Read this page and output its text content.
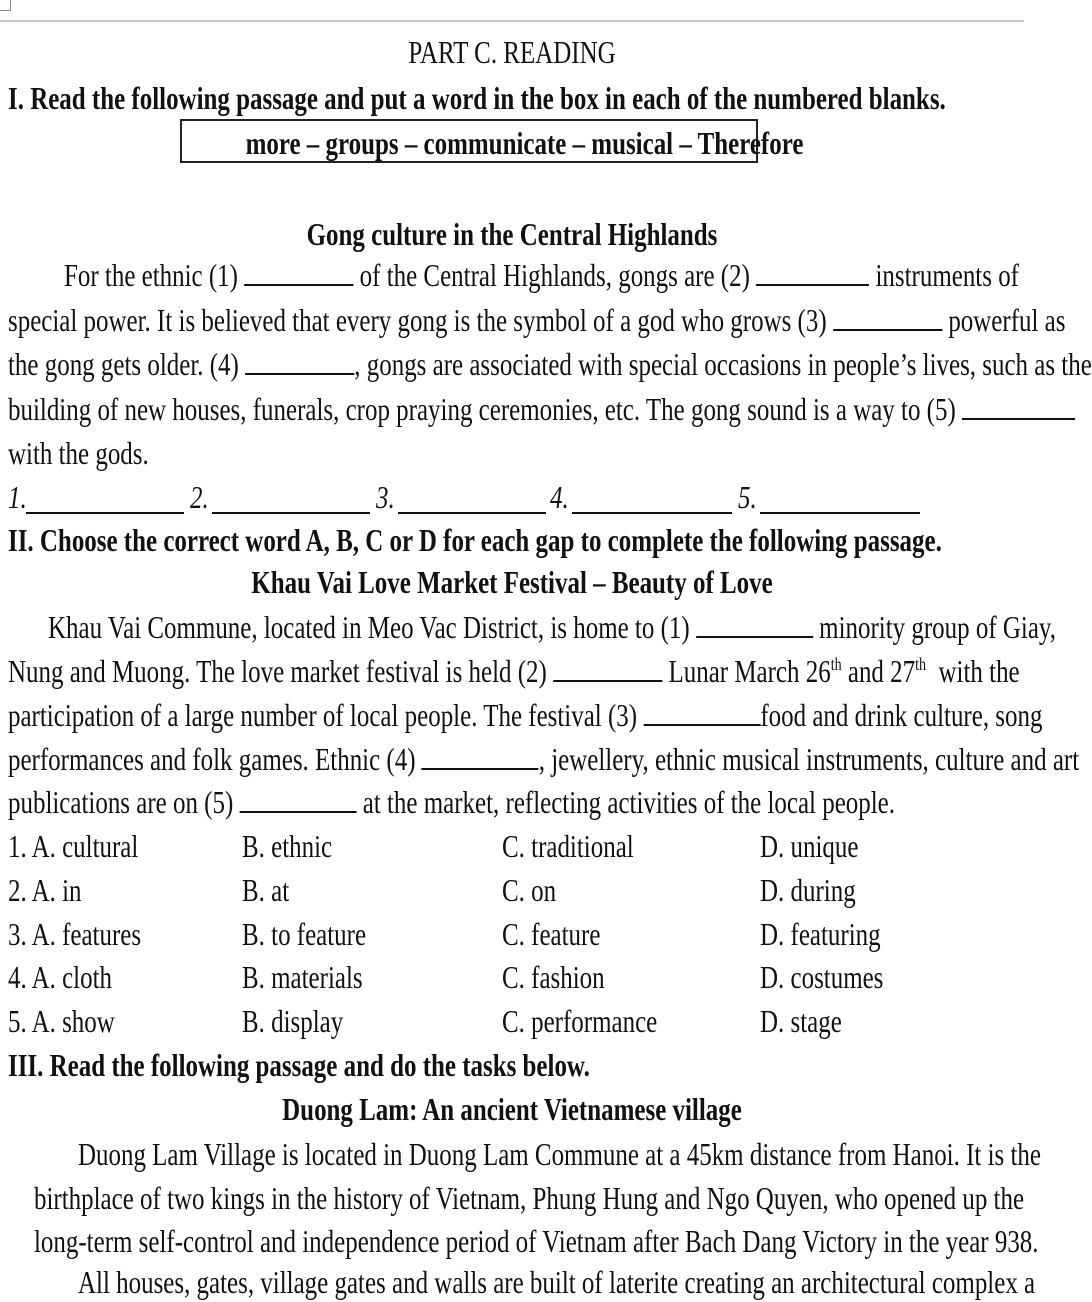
PART C. READING
I. Read the following passage and put a word in the box in each of the numbered blanks.
more – groups – communicate – musical – Therefore
Gong culture in the Central Highlands
For the ethnic (1)	of the Central Highlands, gongs are (2)	instruments of
special power. It is believed that every gong is the symbol of a god who grows (3)	powerful as
the gong gets older. (4)	, gongs are associated with special occasions in people’s lives, such as the
building of new houses, funerals, crop praying ceremonies, etc. The gong sound is a way to (5)
with the gods.
1.	2.	3.	4.	5.
II. Choose the correct word A, B, C or D for each gap to complete the following passage.
Khau Vai Love Market Festival – Beauty of Love
Khau Vai Commune, located in Meo Vac District, is home to (1)	minority group of Giay,
Nung and Muong. The love market festival is held (2)	Lunar March 26th and 27th with the
participation of a large number of local people. The festival (3)	food and drink culture, song
performances and folk games. Ethnic (4)	, jewellery, ethnic musical instruments, culture and art
publications are on (5)	at the market, reflecting activities of the local people.
1. A. cultural	B. ethnic	C. traditional	D. unique
2. A. in	B. at	C. on	D. during
3. A. features	B. to feature	C. feature	D. featuring
4. A. cloth	B. materials	C. fashion	D. costumes
5. A. show	B. display	C. performance	D. stage
III. Read the following passage and do the tasks below.
Duong Lam: An ancient Vietnamese village
Duong Lam Village is located in Duong Lam Commune at a 45km distance from Hanoi. It is the
birthplace of two kings in the history of Vietnam, Phung Hung and Ngo Quyen, who opened up the
long-term self-control and independence period of Vietnam after Bach Dang Victory in the year 938.
All houses, gates, village gates and walls are built of laterite creating an architectural complex a
